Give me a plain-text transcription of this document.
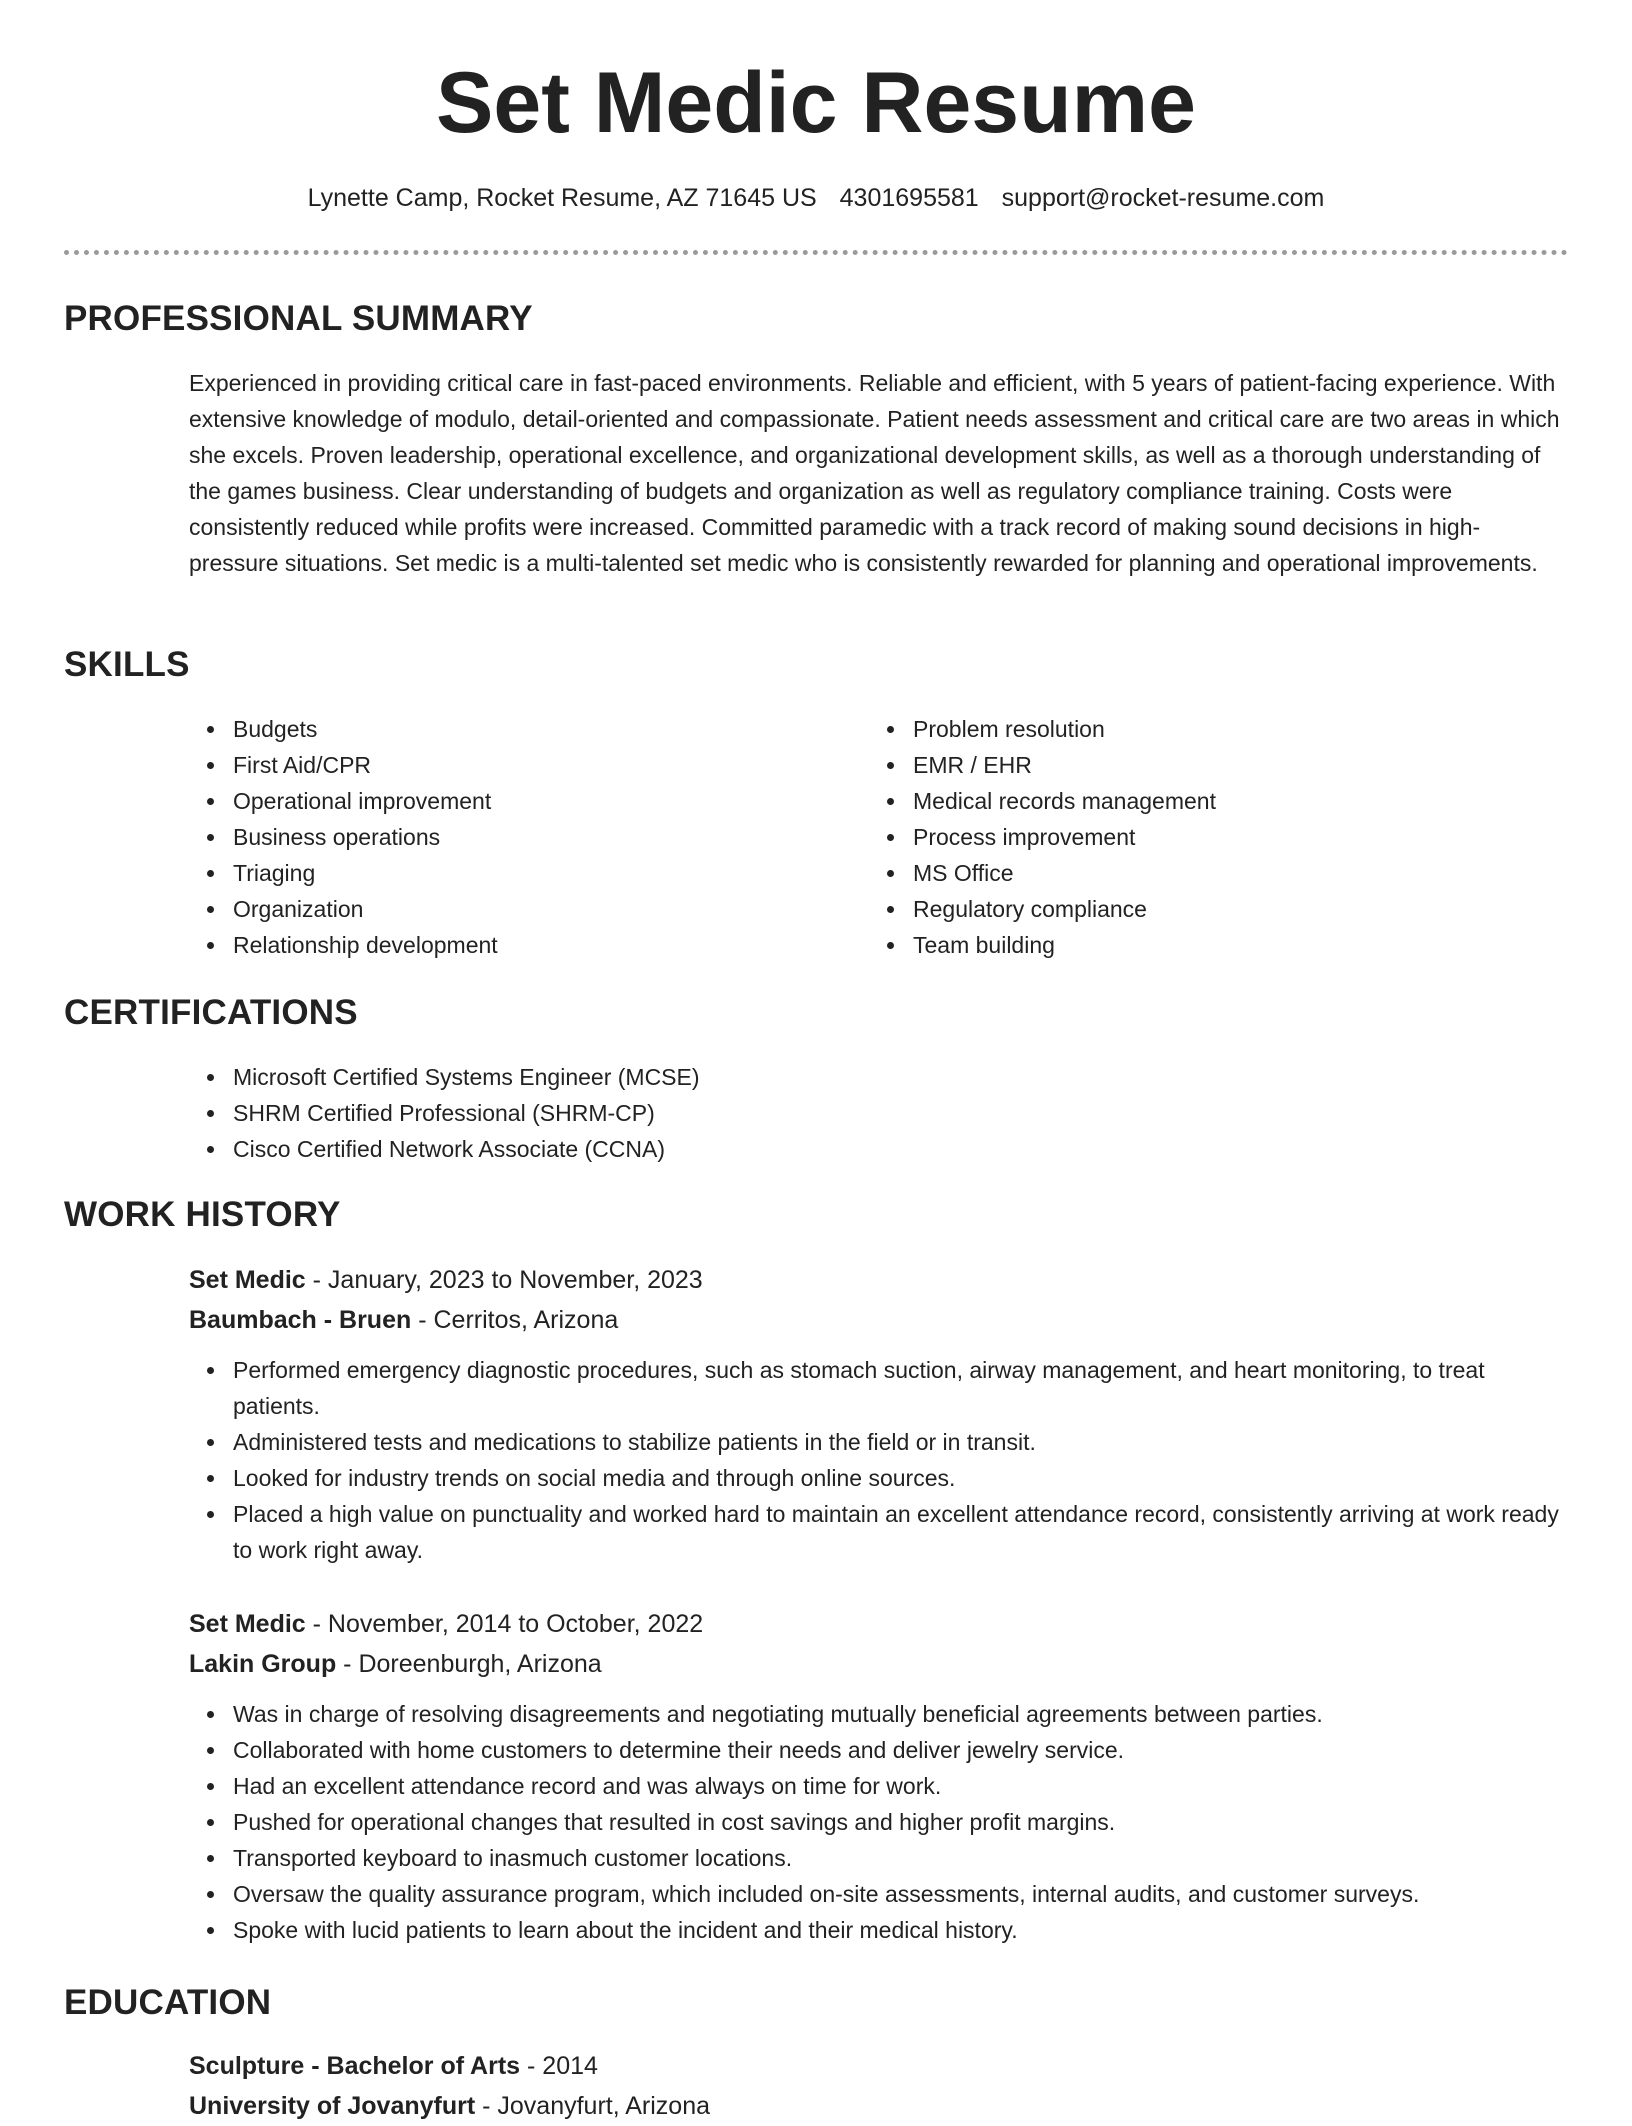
Set Medic Resume
Lynette Camp, Rocket Resume, AZ 71645 US 4301695581 support@rocket-resume.com
PROFESSIONAL SUMMARY

Experienced in providing critical care in fast-paced environments. Reliable and efficient, with 5 years of patient-facing experience. With extensive knowledge of modulo, detail-oriented and compassionate. Patient needs assessment and critical care are two areas in which she excels. Proven leadership, operational excellence, and organizational development skills, as well as a thorough understanding of the games business. Clear understanding of budgets and organization as well as regulatory compliance training. Costs were consistently reduced while profits were increased. Committed paramedic with a track record of making sound decisions in high-pressure situations. Set medic is a multi-talented set medic who is consistently rewarded for planning and operational improvements.

SKILLS
Budgets
First Aid/CPR
Operational improvement
Business operations
Triaging
Organization
Relationship development
Problem resolution
EMR / EHR
Medical records management
Process improvement
MS Office
Regulatory compliance
Team building
CERTIFICATIONS
Microsoft Certified Systems Engineer (MCSE)
SHRM Certified Professional (SHRM-CP)
Cisco Certified Network Associate (CCNA)
WORK HISTORY
Set Medic - January, 2023 to November, 2023
Baumbach - Bruen - Cerritos, Arizona
Performed emergency diagnostic procedures, such as stomach suction, airway management, and heart monitoring, to treat patients.
Administered tests and medications to stabilize patients in the field or in transit.
Looked for industry trends on social media and through online sources.
Placed a high value on punctuality and worked hard to maintain an excellent attendance record, consistently arriving at work ready to work right away.
Set Medic - November, 2014 to October, 2022
Lakin Group - Doreenburgh, Arizona
Was in charge of resolving disagreements and negotiating mutually beneficial agreements between parties.
Collaborated with home customers to determine their needs and deliver jewelry service.
Had an excellent attendance record and was always on time for work.
Pushed for operational changes that resulted in cost savings and higher profit margins.
Transported keyboard to inasmuch customer locations.
Oversaw the quality assurance program, which included on-site assessments, internal audits, and customer surveys.
Spoke with lucid patients to learn about the incident and their medical history.
EDUCATION
Sculpture - Bachelor of Arts - 2014
University of Jovanyfurt - Jovanyfurt, Arizona
